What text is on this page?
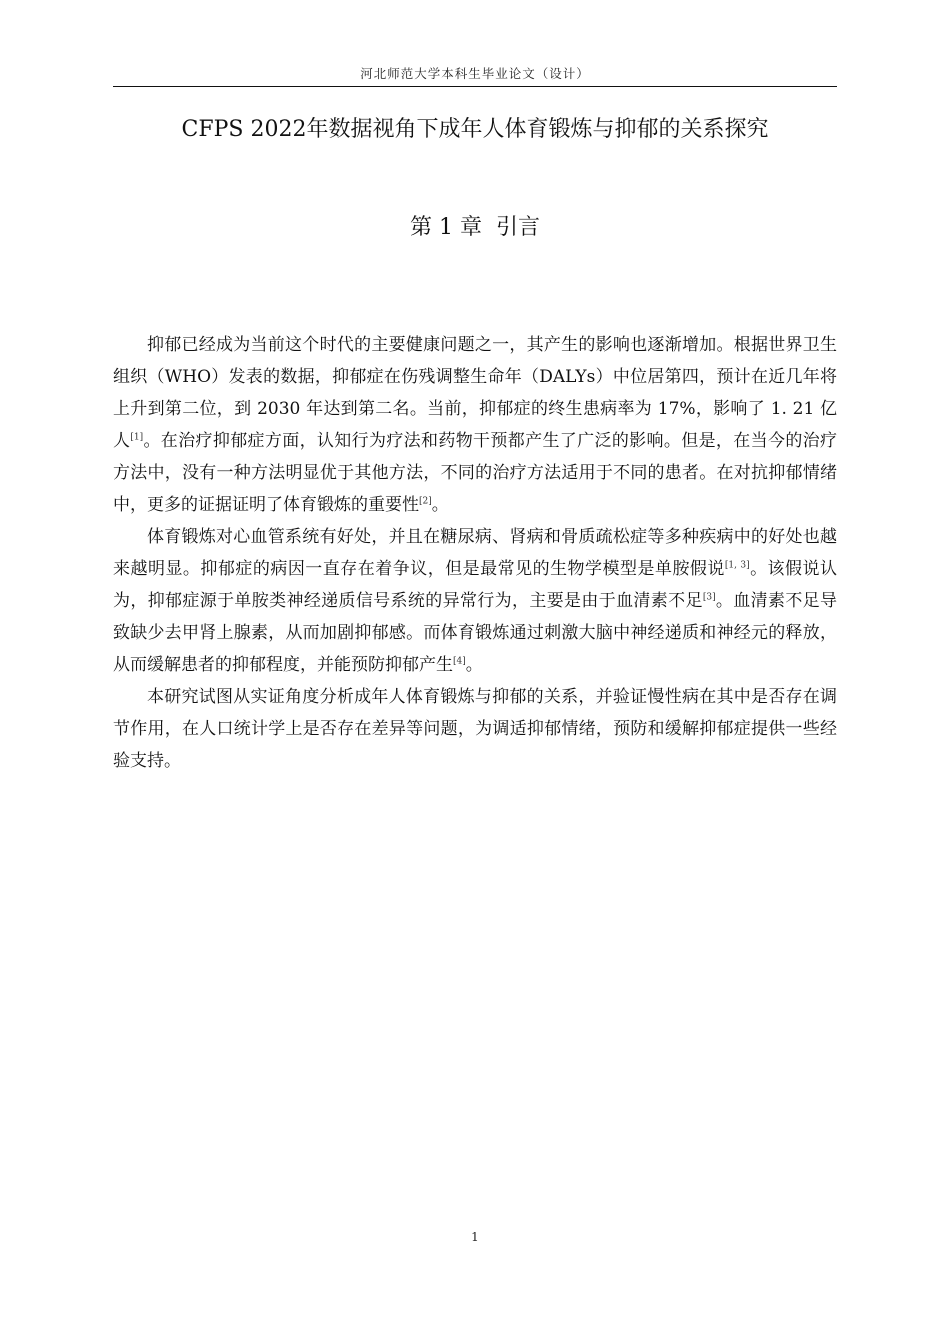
河北师范大学本科生毕业论文（设计）
CFPS 2022年数据视角下成年人体育锻炼与抑郁的关系探究
第 1 章  引言

抑郁已经成为当前这个时代的主要健康问题之一，其产生的影响也逐渐增加。根据世界卫生组织（WHO）发表的数据，抑郁症在伤残调整生命年（DALYs）中位居第四，预计在近几年将上升到第二位，到 2030 年达到第二名。当前，抑郁症的终生患病率为 17%，影响了 1. 21 亿人[1]。在治疗抑郁症方面，认知行为疗法和药物干预都产生了广泛的影响。但是，在当今的治疗方法中，没有一种方法明显优于其他方法，不同的治疗方法适用于不同的患者。在对抗抑郁情绪中，更多的证据证明了体育锻炼的重要性[2]。

体育锻炼对心血管系统有好处，并且在糖尿病、肾病和骨质疏松症等多种疾病中的好处也越来越明显。抑郁症的病因一直存在着争议，但是最常见的生物学模型是单胺假说[1, 3]。该假说认为，抑郁症源于单胺类神经递质信号系统的异常行为，主要是由于血清素不足[3]。血清素不足导致缺少去甲肾上腺素，从而加剧抑郁感。而体育锻炼通过刺激大脑中神经递质和神经元的释放，从而缓解患者的抑郁程度，并能预防抑郁产生[4]。

本研究试图从实证角度分析成年人体育锻炼与抑郁的关系，并验证慢性病在其中是否存在调节作用，在人口统计学上是否存在差异等问题，为调适抑郁情绪，预防和缓解抑郁症提供一些经验支持。

1
